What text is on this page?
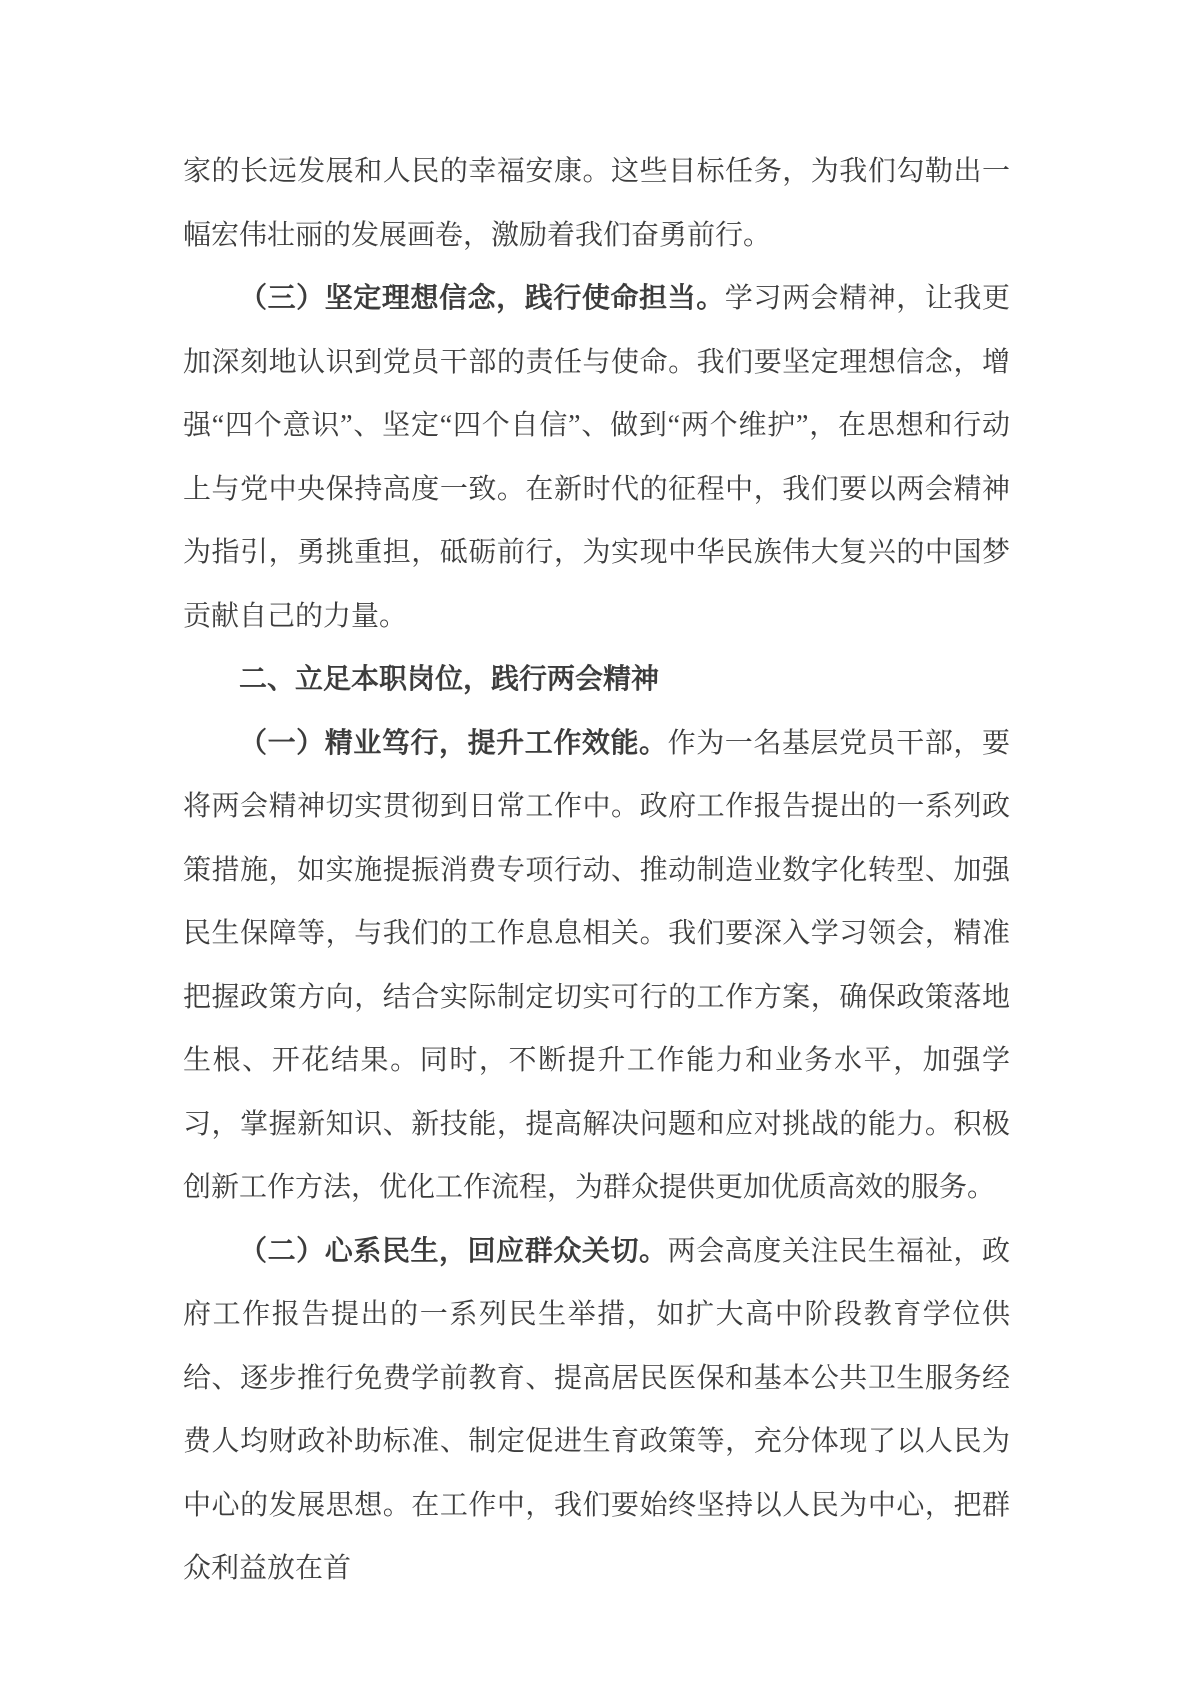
家的长远发展和人民的幸福安康。这些目标任务，为我们勾勒出一幅宏伟壮丽的发展画卷，激励着我们奋勇前行。

（三）坚定理想信念，践行使命担当。学习两会精神，让我更加深刻地认识到党员干部的责任与使命。我们要坚定理想信念，增强“四个意识”、坚定“四个自信”、做到“两个维护”，在思想和行动上与党中央保持高度一致。在新时代的征程中，我们要以两会精神为指引，勇挑重担，砥砺前行，为实现中华民族伟大复兴的中国梦贡献自己的力量。

二、立足本职岗位，践行两会精神

（一）精业笃行，提升工作效能。作为一名基层党员干部，要将两会精神切实贯彻到日常工作中。政府工作报告提出的一系列政策措施，如实施提振消费专项行动、推动制造业数字化转型、加强民生保障等，与我们的工作息息相关。我们要深入学习领会，精准把握政策方向，结合实际制定切实可行的工作方案，确保政策落地生根、开花结果。同时，不断提升工作能力和业务水平，加强学习，掌握新知识、新技能，提高解决问题和应对挑战的能力。积极创新工作方法，优化工作流程，为群众提供更加优质高效的服务。

（二）心系民生，回应群众关切。两会高度关注民生福祉，政府工作报告提出的一系列民生举措，如扩大高中阶段教育学位供给、逐步推行免费学前教育、提高居民医保和基本公共卫生服务经费人均财政补助标准、制定促进生育政策等，充分体现了以人民为中心的发展思想。在工作中，我们要始终坚持以人民为中心，把群众利益放在首
